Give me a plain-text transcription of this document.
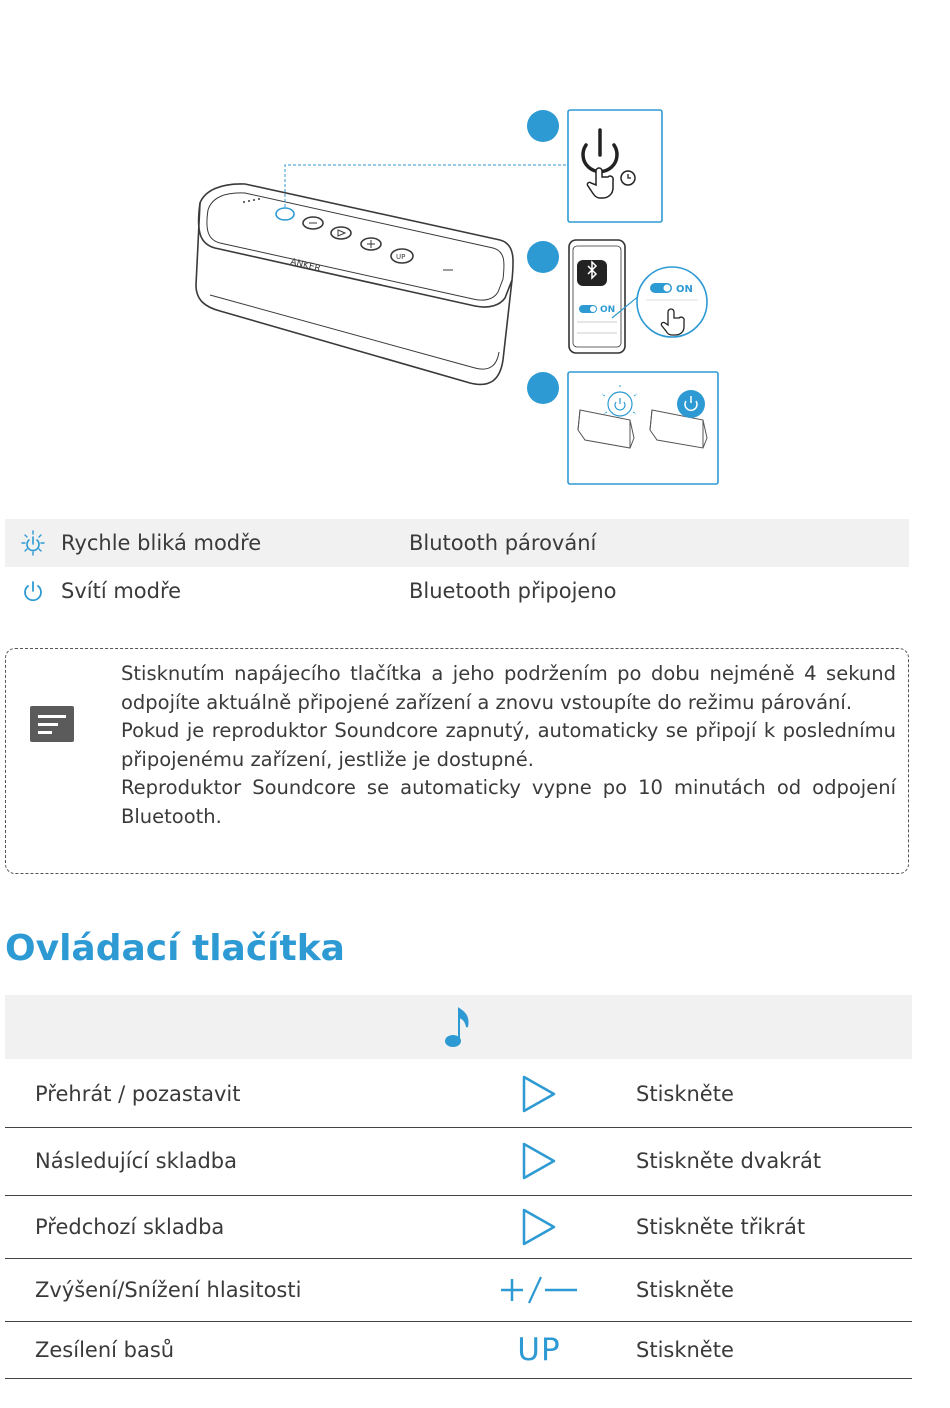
UP
ANKER
ON
ON
Rychle bliká modře	Blutooth párování
Svítí modře	Bluetooth připojeno

Stisknutím napájecího tlačítka a jeho podržením po dobu nejméně 4 sekund odpojíte aktuálně připojené zařízení a znovu vstoupíte do režimu párování.

Pokud je reproduktor Soundcore zapnutý, automaticky se připojí k poslednímu připojenému zařízení, jestliže je dostupné.

Reproduktor Soundcore se automaticky vypne po 10 minutách od odpojení Bluetooth.

Ovládací tlačítka
Přehrát / pozastavit	Stiskněte
Následující skladba	Stiskněte dvakrát
Předchozí skladba	Stiskněte třikrát
Zvýšení/Snížení hlasitosti	Stiskněte
Zesílení basů	UP	Stiskněte
